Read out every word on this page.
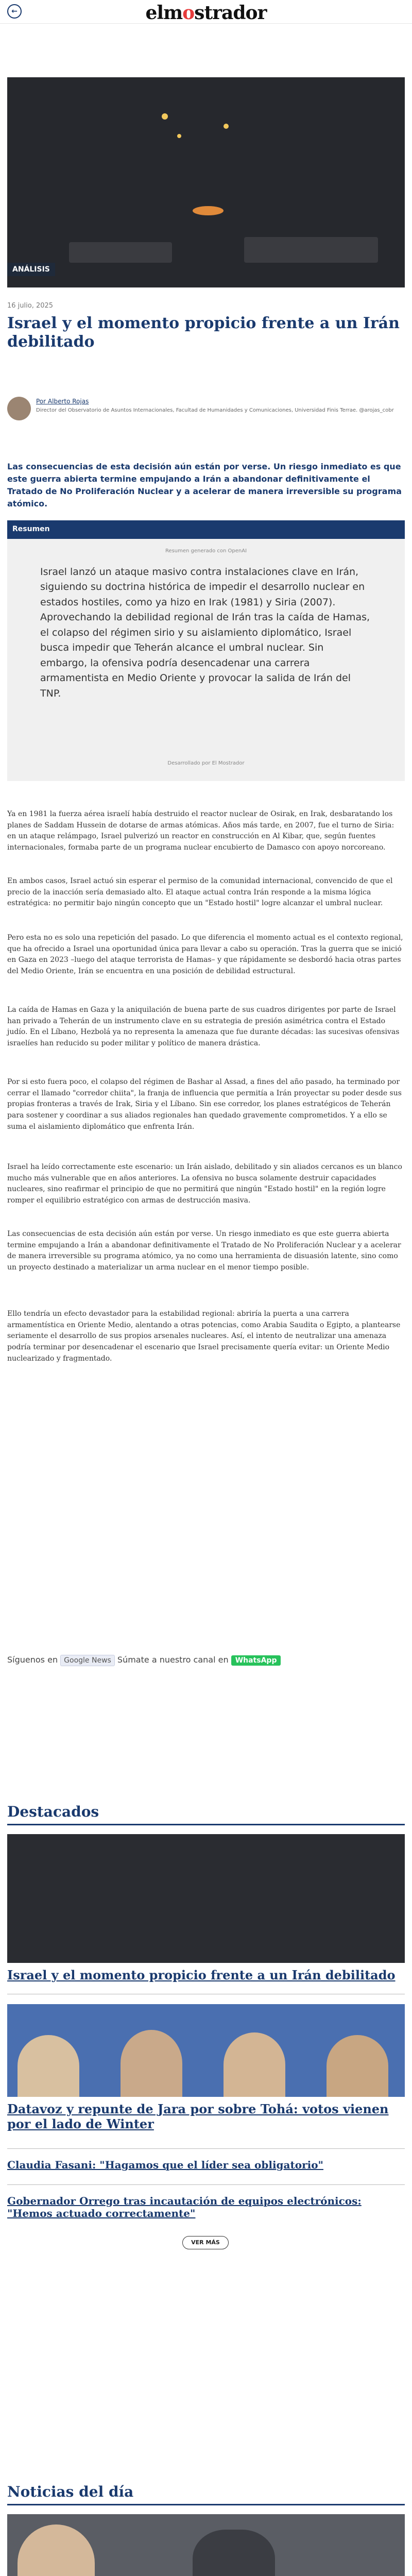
←	elmostrador
ANÁLISIS
16 julio, 2025
Israel y el momento propicio frente a un Irán debilitado
Por Alberto Rojas
Director del Observatorio de Asuntos Internacionales, Facultad de Humanidades y Comunicaciones, Universidad Finis Terrae. @arojas_cobr
Las consecuencias de esta decisión aún están por verse. Un riesgo inmediato es que este guerra abierta termine empujando a Irán a abandonar definitivamente el Tratado de No Proliferación Nuclear y a acelerar de manera irreversible su programa atómico.
Resumen
Resumen generado con OpenAI
Israel lanzó un ataque masivo contra instalaciones clave en Irán, siguiendo su doctrina histórica de impedir el desarrollo nuclear en estados hostiles, como ya hizo en Irak (1981) y Siria (2007). Aprovechando la debilidad regional de Irán tras la caída de Hamas, el colapso del régimen sirio y su aislamiento diplomático, Israel busca impedir que Teherán alcance el umbral nuclear. Sin embargo, la ofensiva podría desencadenar una carrera armamentista en Medio Oriente y provocar la salida de Irán del TNP.
Desarrollado por El Mostrador
Ya en 1981 la fuerza aérea israelí había destruido el reactor nuclear de Osirak, en Irak, desbaratando los planes de Saddam Hussein de dotarse de armas atómicas. Años más tarde, en 2007, fue el turno de Siria: en un ataque relámpago, Israel pulverizó un reactor en construcción en Al Kibar, que, según fuentes internacionales, formaba parte de un programa nuclear encubierto de Damasco con apoyo norcoreano.
En ambos casos, Israel actuó sin esperar el permiso de la comunidad internacional, convencido de que el precio de la inacción sería demasiado alto. El ataque actual contra Irán responde a la misma lógica estratégica: no permitir bajo ningún concepto que un "Estado hostil" logre alcanzar el umbral nuclear.
Pero esta no es solo una repetición del pasado. Lo que diferencia el momento actual es el contexto regional, que ha ofrecido a Israel una oportunidad única para llevar a cabo su operación. Tras la guerra que se inició en Gaza en 2023 –luego del ataque terrorista de Hamas– y que rápidamente se desbordó hacia otras partes del Medio Oriente, Irán se encuentra en una posición de debilidad estructural.
La caída de Hamas en Gaza y la aniquilación de buena parte de sus cuadros dirigentes por parte de Israel han privado a Teherán de un instrumento clave en su estrategia de presión asimétrica contra el Estado judío. En el Líbano, Hezbolá ya no representa la amenaza que fue durante décadas: las sucesivas ofensivas israelíes han reducido su poder militar y político de manera drástica.
Por si esto fuera poco, el colapso del régimen de Bashar al Assad, a fines del año pasado, ha terminado por cerrar el llamado "corredor chiita", la franja de influencia que permitía a Irán proyectar su poder desde sus propias fronteras a través de Irak, Siria y el Líbano. Sin ese corredor, los planes estratégicos de Teherán para sostener y coordinar a sus aliados regionales han quedado gravemente comprometidos. Y a ello se suma el aislamiento diplomático que enfrenta Irán.
Israel ha leído correctamente este escenario: un Irán aislado, debilitado y sin aliados cercanos es un blanco mucho más vulnerable que en años anteriores. La ofensiva no busca solamente destruir capacidades nucleares, sino reafirmar el principio de que no permitirá que ningún "Estado hostil" en la región logre romper el equilibrio estratégico con armas de destrucción masiva.
Las consecuencias de esta decisión aún están por verse. Un riesgo inmediato es que este guerra abierta termine empujando a Irán a abandonar definitivamente el Tratado de No Proliferación Nuclear y a acelerar de manera irreversible su programa atómico, ya no como una herramienta de disuasión latente, sino como un proyecto destinado a materializar un arma nuclear en el menor tiempo posible.
Ello tendría un efecto devastador para la estabilidad regional: abriría la puerta a una carrera armamentística en Oriente Medio, alentando a otras potencias, como Arabia Saudita o Egipto, a plantearse seriamente el desarrollo de sus propios arsenales nucleares. Así, el intento de neutralizar una amenaza podría terminar por desencadenar el escenario que Israel precisamente quería evitar: un Oriente Medio nuclearizado y fragmentado.
Síguenos en Google News Súmate a nuestro canal en WhatsApp
Destacados
Israel y el momento propicio frente a un Irán debilitado
Datavoz y repunte de Jara por sobre Tohá: votos vienen por el lado de Winter
Claudia Fasani: "Hagamos que el líder sea obligatorio"
Gobernador Orrego tras incautación de equipos electrónicos: "Hemos actuado correctamente"
VER MÁS
Noticias del día
